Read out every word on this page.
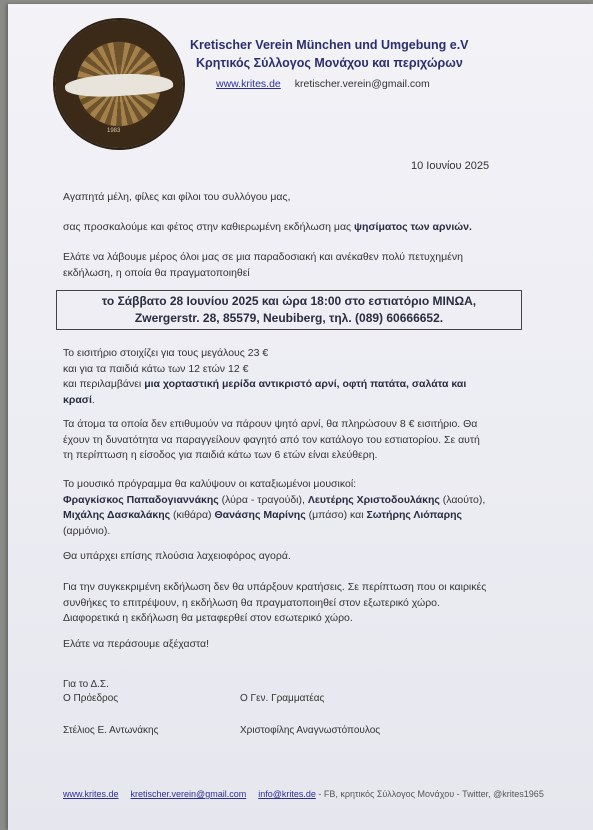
1983
Kretischer Verein München und Umgebung e.V
Κρητικός Σύλλογος Μονάχου και περιχώρων
www.krites.de kretischer.verein@gmail.com
10 Ιουνίου 2025
Αγαπητά μέλη, φίλες και φίλοι του συλλόγου μας,
σας προσκαλούμε και φέτος στην καθιερωμένη εκδήλωση μας ψησίματος των αρνιών.
Ελάτε να λάβουμε μέρος όλοι μας σε μια παραδοσιακή και ανέκαθεν πολύ πετυχημένη
εκδήλωση, η οποία θα πραγματοποιηθεί
το Σάββατο 28 Ιουνίου 2025 και ώρα 18:00 στο εστιατόριο ΜΙΝΩΑ,
Zwergerstr. 28, 85579, Neubiberg, τηλ. (089) 60666652.
Το εισιτήριο στοιχίζει για τους μεγάλους 23 €
και για τα παιδιά κάτω των 12 ετών 12 €
και περιλαμβάνει μια χορταστική μερίδα αντικριστό αρνί, οφτή πατάτα, σαλάτα και
κρασί.
Τα άτομα τα οποία δεν επιθυμούν να πάρουν ψητό αρνί, θα πληρώσουν 8 € εισιτήριο. Θα
έχουν τη δυνατότητα να παραγγείλουν φαγητό από τον κατάλογο του εστιατορίου. Σε αυτή
τη περίπτωση η είσοδος για παιδιά κάτω των 6 ετών είναι ελεύθερη.
Το μουσικό πρόγραμμα θα καλύψουν οι καταξιωμένοι μουσικοί:
Φραγκίσκος Παπαδογιαννάκης (λύρα - τραγούδι), Λευτέρης Χριστοδουλάκης (λαούτο),
Μιχάλης Δασκαλάκης (κιθάρα) Θανάσης Μαρίνης (μπάσο) και Σωτήρης Λιόπαρης
(αρμόνιο).
Θα υπάρχει επίσης πλούσια λαχειοφόρος αγορά.
Για την συγκεκριμένη εκδήλωση δεν θα υπάρξουν κρατήσεις. Σε περίπτωση που οι καιρικές
συνθήκες το επιτρέψουν, η εκδήλωση θα πραγματοποιηθεί στον εξωτερικό χώρο.
Διαφορετικά η εκδήλωση θα μεταφερθεί στον εσωτερικό χώρο.
Ελάτε να περάσουμε αξέχαστα!
Για το Δ.Σ.
Ο Πρόεδρος	Ο Γεν. Γραμματέας
Στέλιος Ε. Αντωνάκης	Χριστοφίλης Αναγνωστόπουλος
www.krites.de kretischer.verein@gmail.com info@krites.de - FB, κρητικός Σύλλογος Μονάχου - Twitter, @krites1965
